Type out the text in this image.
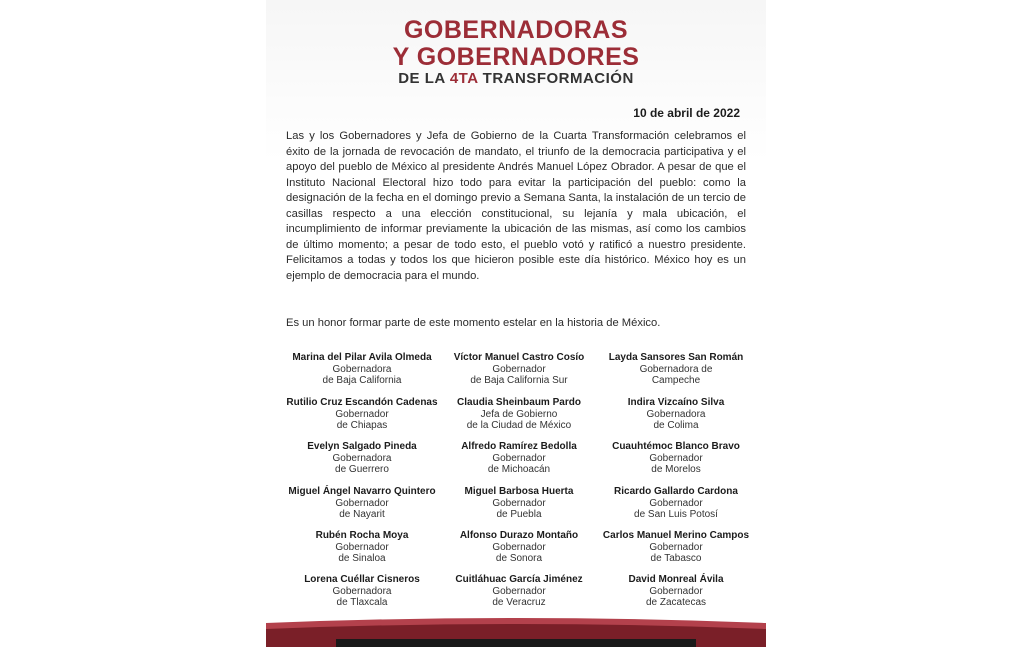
GOBERNADORAS
Y GOBERNADORES
DE LA 4TA TRANSFORMACIÓN
10 de abril de 2022
Las y los Gobernadores y Jefa de Gobierno de la Cuarta Transformación celebramos el éxito de la jornada de revocación de mandato, el triunfo de la democracia participativa y el apoyo del pueblo de México al presidente Andrés Manuel López Obrador. A pesar de que el Instituto Nacional Electoral hizo todo para evitar la participación del pueblo: como la designación de la fecha en el domingo previo a Semana Santa, la instalación de un tercio de casillas respecto a una elección constitucional, su lejanía y mala ubicación, el incumplimiento de informar previamente la ubicación de las mismas, así como los cambios de último momento; a pesar de todo esto, el pueblo votó y ratificó a nuestro presidente. Felicitamos a todas y todos los que hicieron posible este día histórico. México hoy es un ejemplo de democracia para el mundo.
Es un honor formar parte de este momento estelar en la historia de México.
Marina del Pilar Avila Olmeda
Gobernadora
de Baja California
Víctor Manuel Castro Cosío
Gobernador
de Baja California Sur
Layda Sansores San Román
Gobernadora de
Campeche
Rutilio Cruz Escandón Cadenas
Gobernador
de Chiapas
Claudia Sheinbaum Pardo
Jefa de Gobierno
de la Ciudad de México
Indira Vizcaíno Silva
Gobernadora
de Colima
Evelyn Salgado Pineda
Gobernadora
de Guerrero
Alfredo Ramírez Bedolla
Gobernador
de Michoacán
Cuauhtémoc Blanco Bravo
Gobernador
de Morelos
Miguel Ángel Navarro Quintero
Gobernador
de Nayarit
Miguel Barbosa Huerta
Gobernador
de Puebla
Ricardo Gallardo Cardona
Gobernador
de San Luis Potosí
Rubén Rocha Moya
Gobernador
de Sinaloa
Alfonso Durazo Montaño
Gobernador
de Sonora
Carlos Manuel Merino Campos
Gobernador
de Tabasco
Lorena Cuéllar Cisneros
Gobernadora
de Tlaxcala
Cuitláhuac García Jiménez
Gobernador
de Veracruz
David Monreal Ávila
Gobernador
de Zacatecas
